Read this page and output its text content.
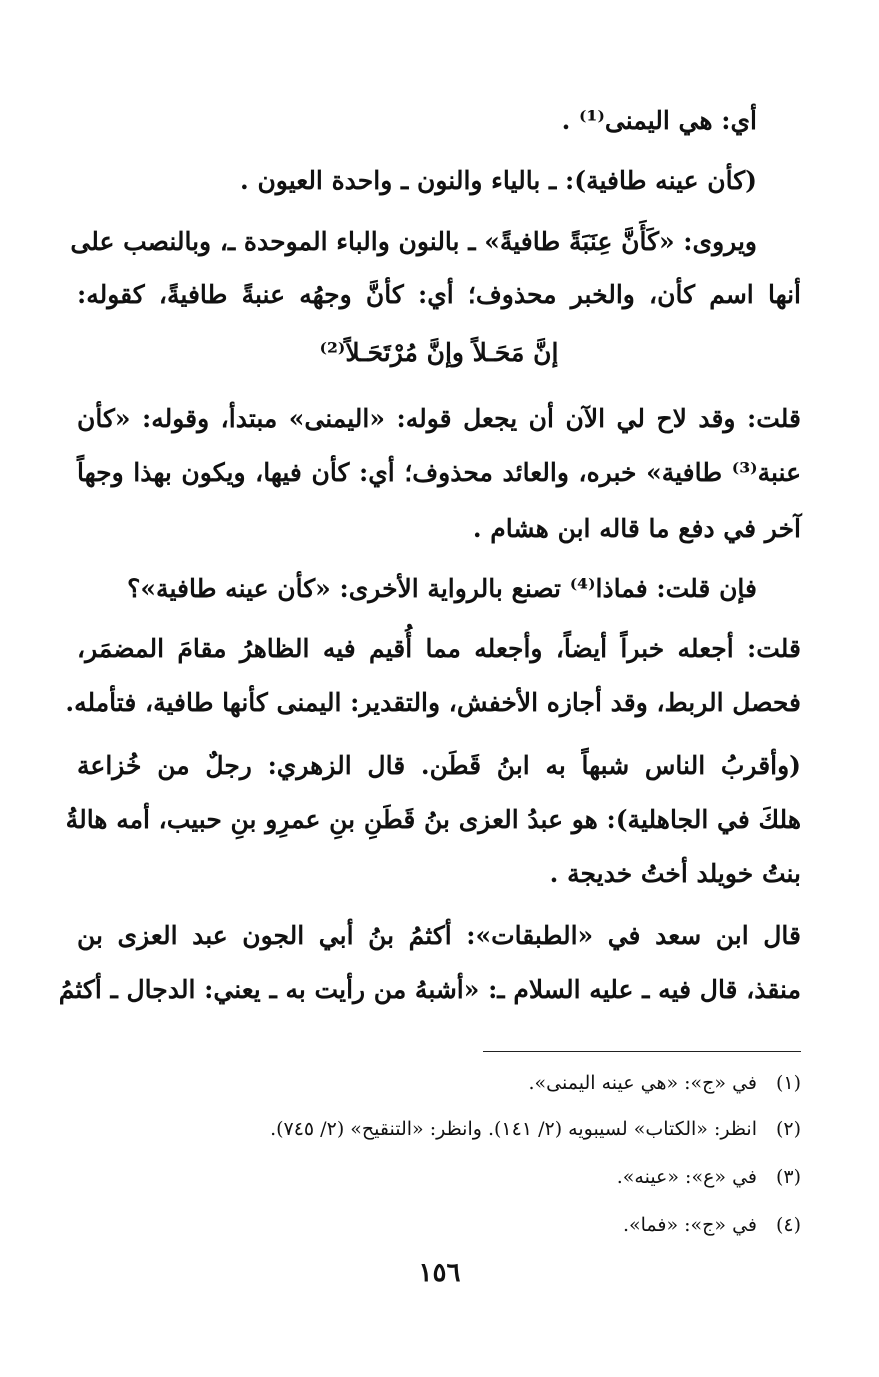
أي: هي اليمنى⁽¹⁾ .
(كأن عينه طافية): ـ بالياء والنون ـ واحدة العيون .
ويروى: «كَأَنَّ عِنَبَةً طافيةً» ـ بالنون والباء الموحدة ـ، وبالنصب على
أنها اسم كأن، والخبر محذوف؛ أي: كأنَّ وجهُه عنبةً طافيةً، كقوله:
إنَّ مَحَـلاً وإنَّ مُرْتَحَـلاً⁽²⁾
قلت: وقد لاح لي الآن أن يجعل قوله: «اليمنى» مبتدأ، وقوله: «كأن
عنبة⁽³⁾ طافية» خبره، والعائد محذوف؛ أي: كأن فيها، ويكون بهذا وجهاً
آخر في دفع ما قاله ابن هشام .
فإن قلت: فماذا⁽⁴⁾ تصنع بالرواية الأخرى: «كأن عينه طافية»؟
قلت: أجعله خبراً أيضاً، وأجعله مما أُقيم فيه الظاهرُ مقامَ المضمَر،
فحصل الربط، وقد أجازه الأخفش، والتقدير: اليمنى كأنها طافية، فتأمله.
(وأقربُ الناس شبهاً به ابنُ قَطَن. قال الزهري: رجلٌ من خُزاعة
هلكَ في الجاهلية): هو عبدُ العزى بنُ قَطَنِ بنِ عمرِو بنِ حبيب، أمه هالةُ
بنتُ خويلد أختُ خديجة .
قال ابن سعد في «الطبقات»: أكثمُ بنُ أبي الجون عبد العزى بن
منقذ، قال فيه ـ عليه السلام ـ: «أشبهُ من رأيت به ـ يعني: الدجال ـ أكثمُ
(١)في «ج»: «هي عينه اليمنى».
(٢)انظر: «الكتاب» لسيبويه (٢/ ١٤١). وانظر: «التنقيح» (٢/ ٧٤٥).
(٣)في «ع»: «عينه».
(٤)في «ج»: «فما».
١٥٦
